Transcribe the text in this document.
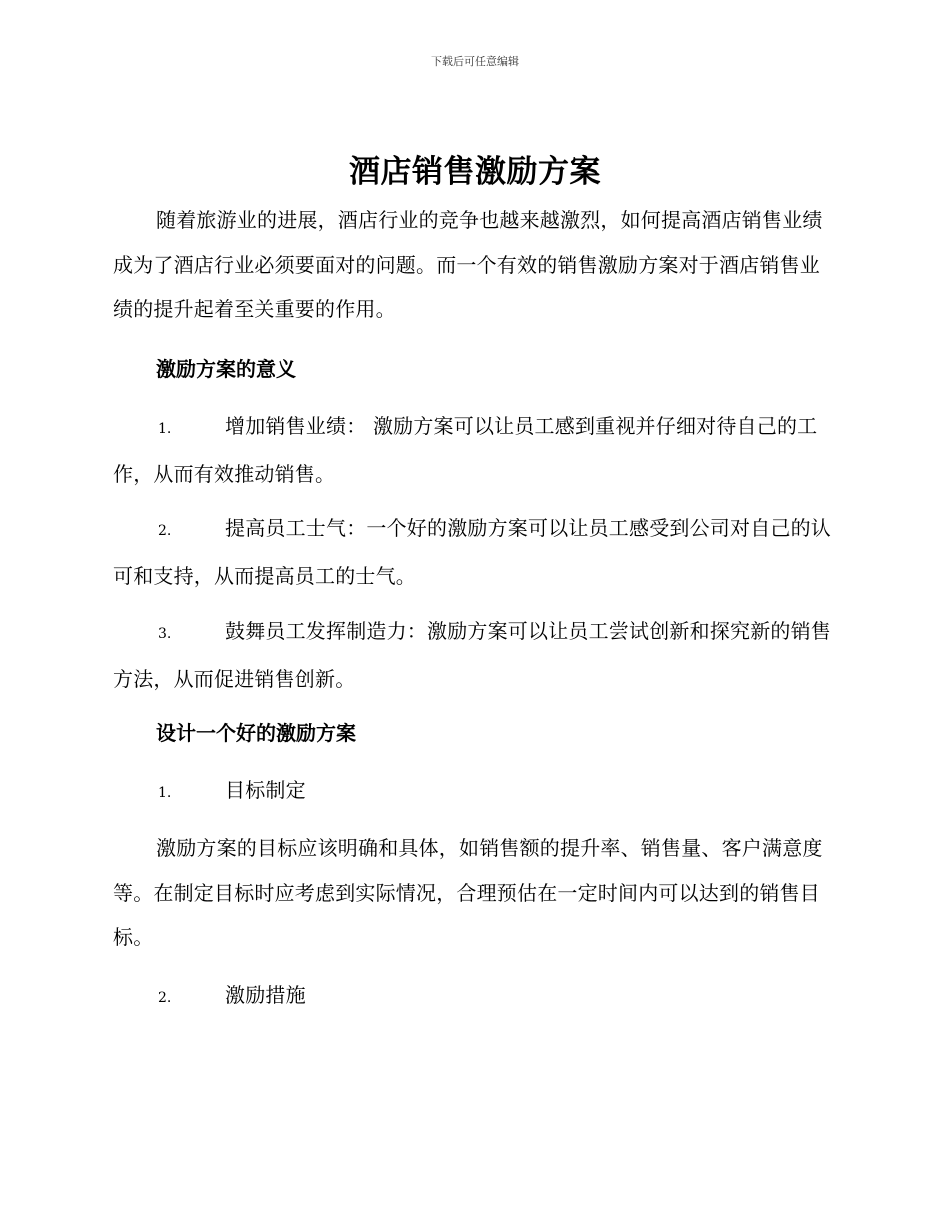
下载后可任意编辑
酒店销售激励方案
随着旅游业的进展，酒店行业的竞争也越来越激烈，如何提高酒店销售业绩成为了酒店行业必须要面对的问题。而一个有效的销售激励方案对于酒店销售业绩的提升起着至关重要的作用。
激励方案的意义
1.	增加销售业绩： 激励方案可以让员工感到重视并仔细对待自己的工作，从而有效推动销售。
2.	提高员工士气：一个好的激励方案可以让员工感受到公司对自己的认可和支持，从而提高员工的士气。
3.	鼓舞员工发挥制造力：激励方案可以让员工尝试创新和探究新的销售方法，从而促进销售创新。
设计一个好的激励方案
1.	目标制定
激励方案的目标应该明确和具体，如销售额的提升率、销售量、客户满意度等。在制定目标时应考虑到实际情况，合理预估在一定时间内可以达到的销售目标。
2.	激励措施
